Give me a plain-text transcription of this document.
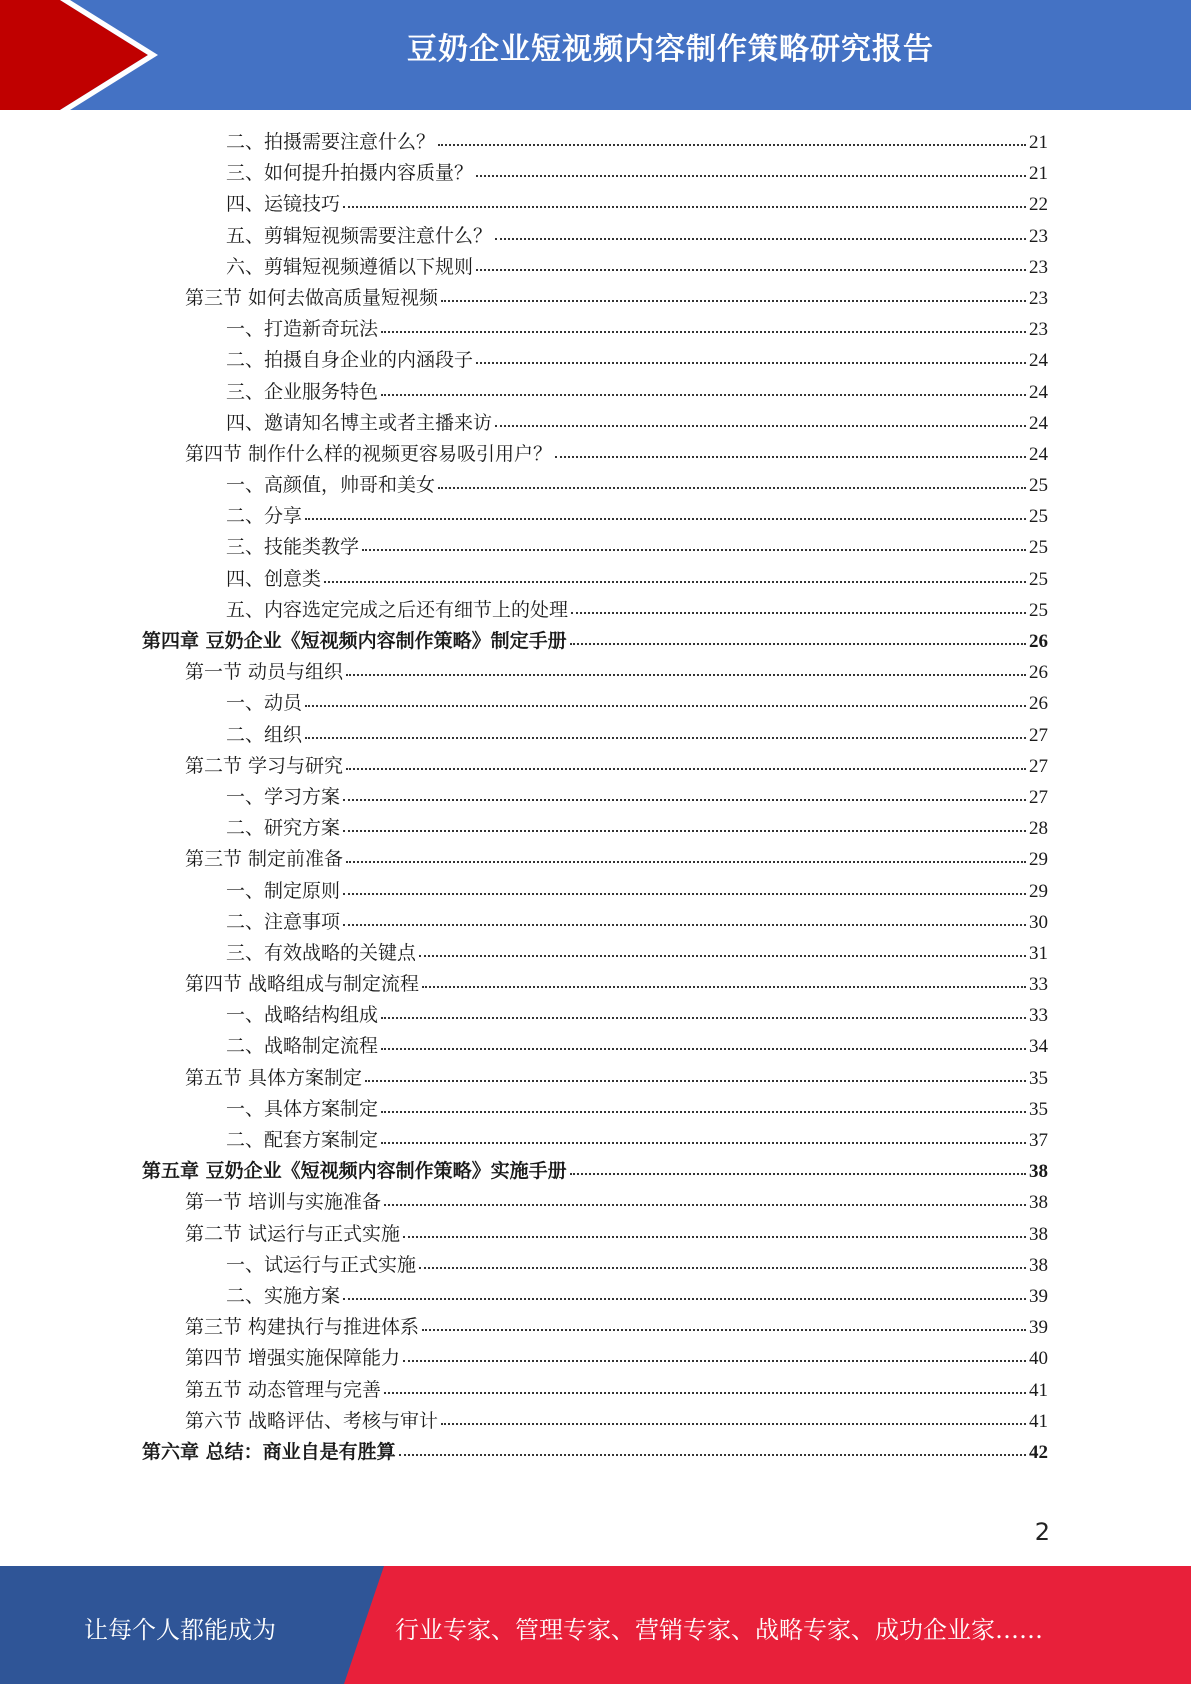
豆奶企业短视频内容制作策略研究报告
二、拍摄需要注意什么？	21
三、如何提升拍摄内容质量？	21
四、运镜技巧	22
五、剪辑短视频需要注意什么？	23
六、剪辑短视频遵循以下规则	23
第三节 如何去做高质量短视频	23
一、打造新奇玩法	23
二、拍摄自身企业的内涵段子	24
三、企业服务特色	24
四、邀请知名博主或者主播来访	24
第四节 制作什么样的视频更容易吸引用户？	24
一、高颜值，帅哥和美女	25
二、分享	25
三、技能类教学	25
四、创意类	25
五、内容选定完成之后还有细节上的处理	25
第四章 豆奶企业《短视频内容制作策略》制定手册	26
第一节 动员与组织	26
一、动员	26
二、组织	27
第二节 学习与研究	27
一、学习方案	27
二、研究方案	28
第三节 制定前准备	29
一、制定原则	29
二、注意事项	30
三、有效战略的关键点	31
第四节 战略组成与制定流程	33
一、战略结构组成	33
二、战略制定流程	34
第五节 具体方案制定	35
一、具体方案制定	35
二、配套方案制定	37
第五章 豆奶企业《短视频内容制作策略》实施手册	38
第一节 培训与实施准备	38
第二节 试运行与正式实施	38
一、试运行与正式实施	38
二、实施方案	39
第三节 构建执行与推进体系	39
第四节 增强实施保障能力	40
第五节 动态管理与完善	41
第六节 战略评估、考核与审计	41
第六章 总结：商业自是有胜算	42
2
让每个人都能成为	行业专家、管理专家、营销专家、战略专家、成功企业家……
